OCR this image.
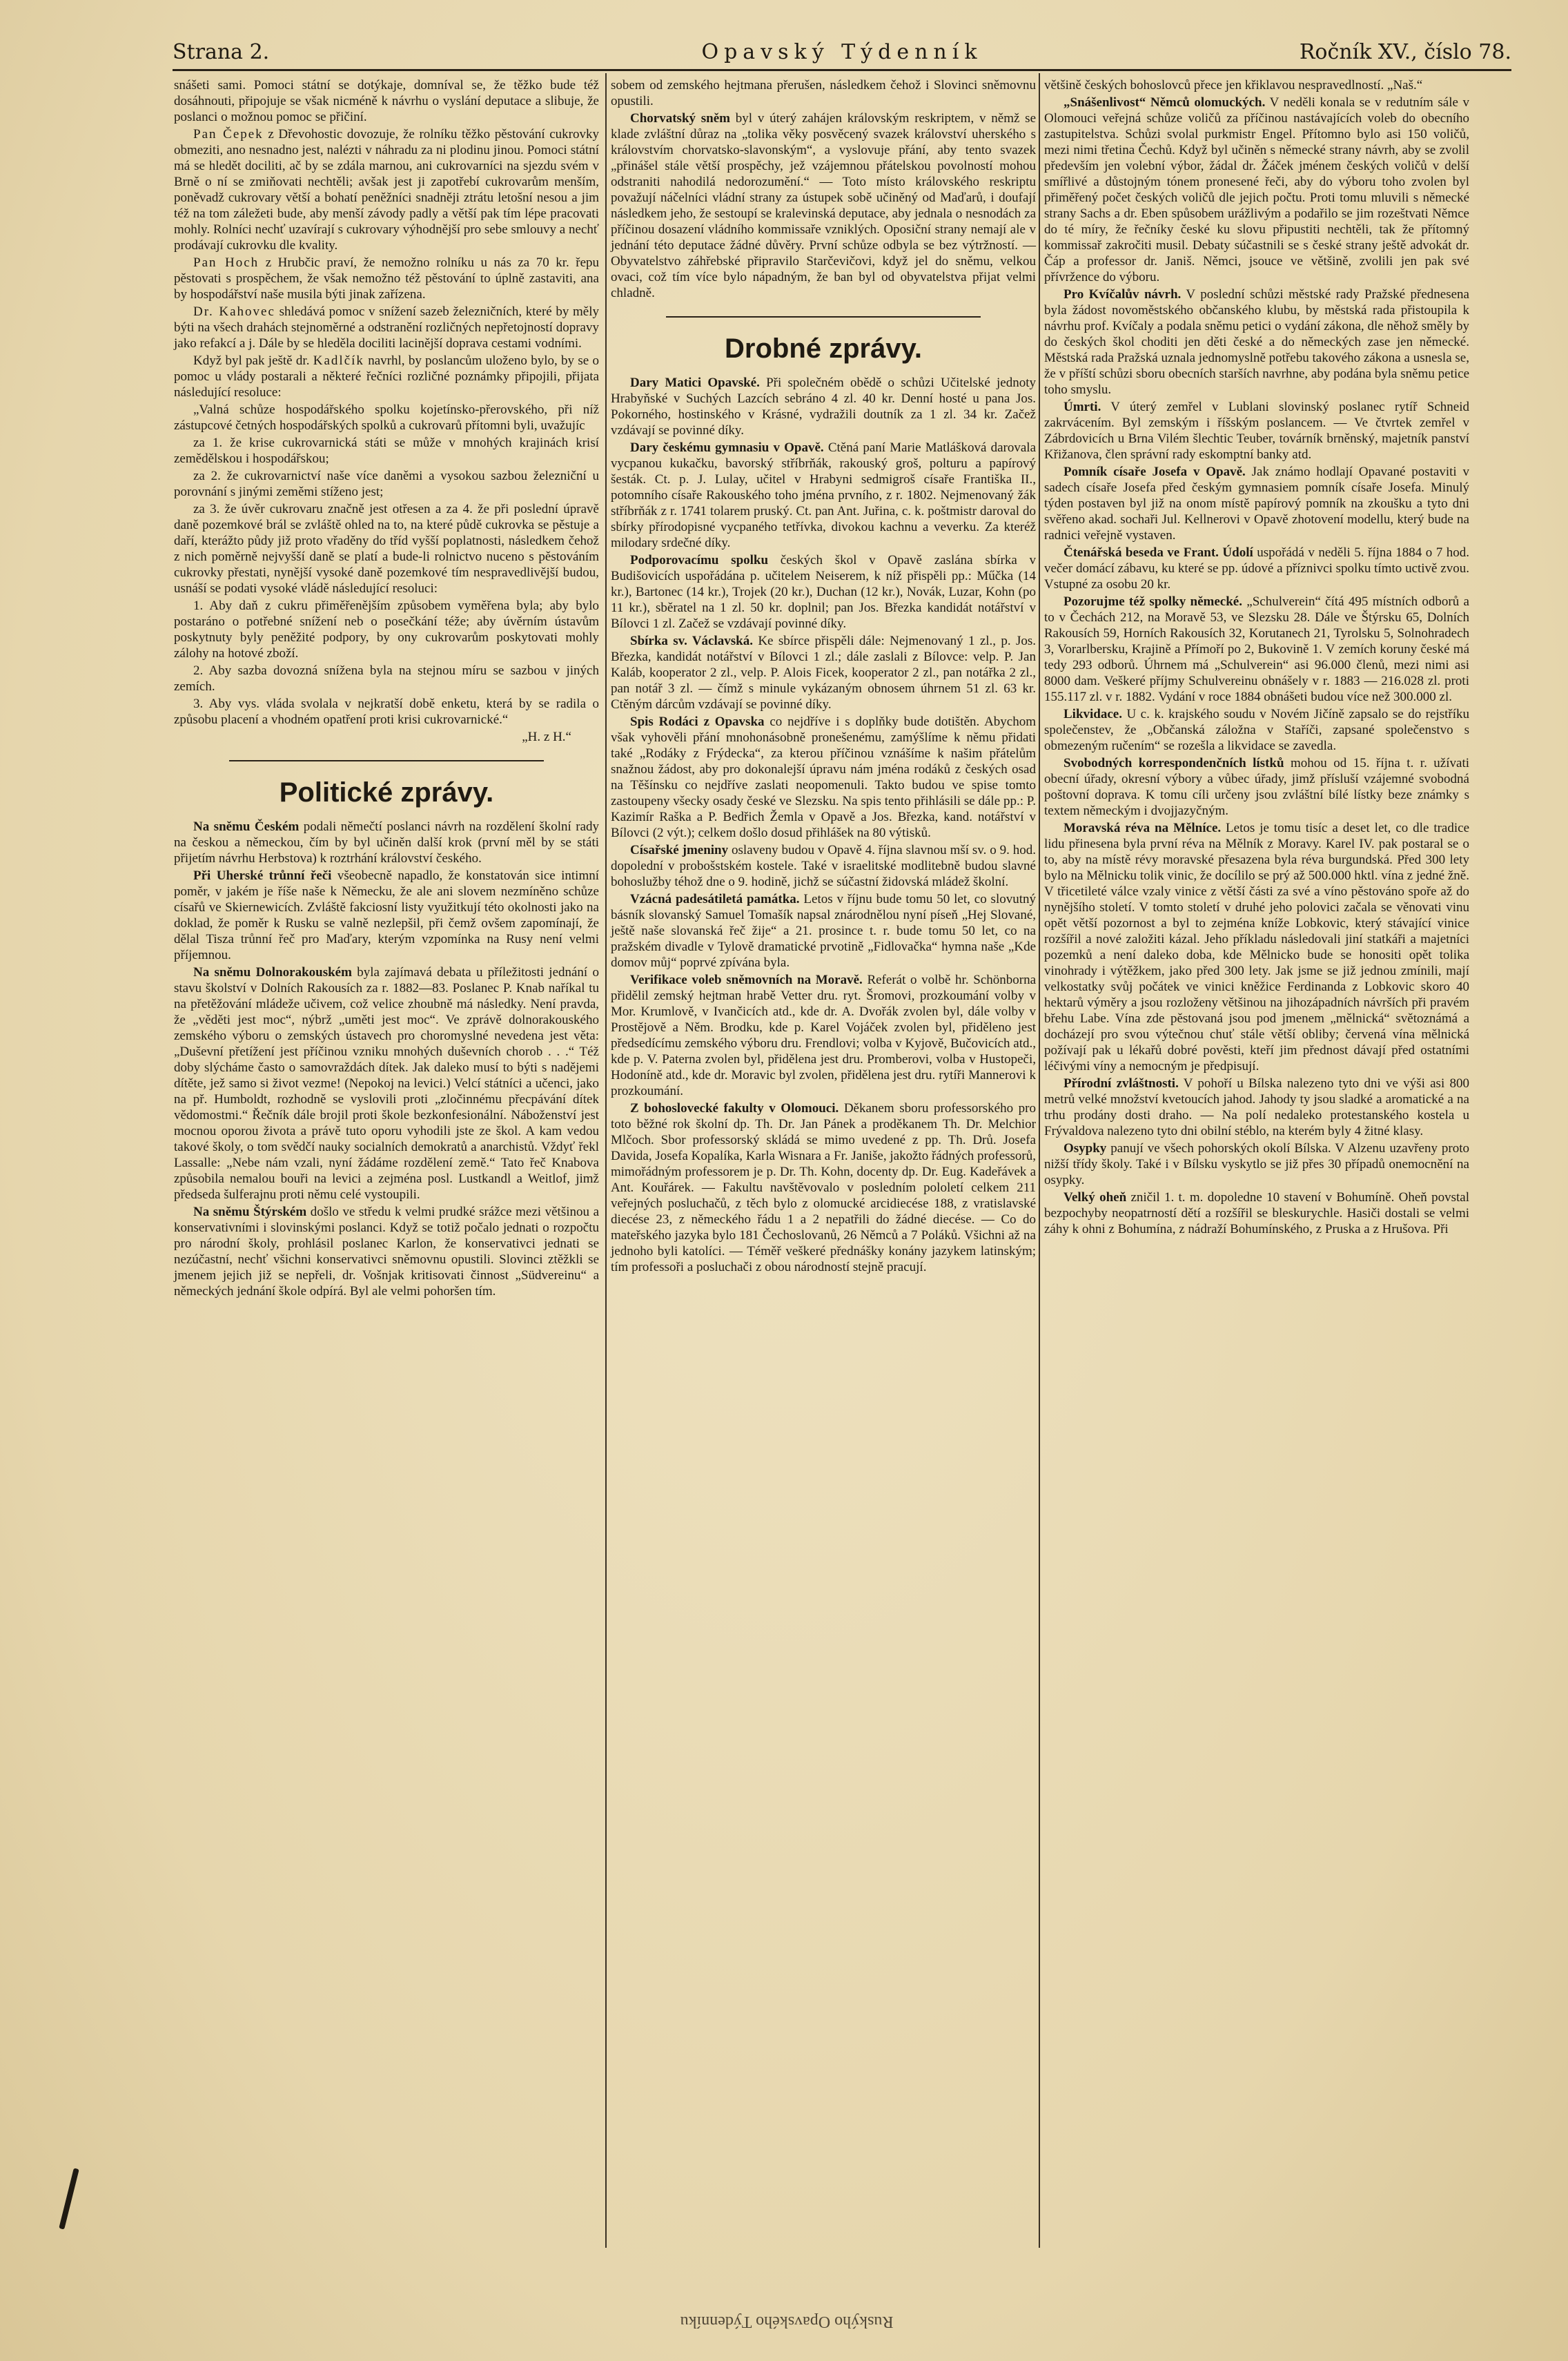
Strana 2.	Opavský Týdenník	Ročník XV., číslo 78.

snášeti sami. Pomoci státní se dotýkaje, domníval se, že těžko bude též dosáhnouti, připojuje se však nicméně k návrhu o vyslání deputace a slibuje, že poslanci o možnou pomoc se přičiní.

Pan Čepek z Dřevohostic dovozuje, že rolníku těžko pěstování cukrovky obmeziti, ano nesnadno jest, nalézti v náhradu za ni plodinu jinou. Pomoci státní má se hledět dociliti, ač by se zdála marnou, ani cukrovarníci na sjezdu svém v Brně o ní se zmiňovati nechtěli; avšak jest ji zapotřebí cukrovarům menším, poněvadž cukrovary větší a bohatí peněžníci snadněji ztrátu letošní nesou a jim též na tom záležeti bude, aby menší závody padly a větší pak tím lépe pracovati mohly. Rolníci nechť uzavírají s cukrovary výhodnější pro sebe smlouvy a nechť prodávají cukrovku dle kvality.

Pan Hoch z Hrubčic praví, že nemožno rolníku u nás za 70 kr. řepu pěstovati s prospěchem, že však nemožno též pěstování to úplně zastaviti, ana by hospodářství naše musila býti jinak zařízena.

Dr. Kahovec shledává pomoc v snížení sazeb železničních, které by měly býti na všech drahách stejnoměrné a odstranění rozličných nepřetojností dopravy jako refakcí a j. Dále by se hleděla dociliti lacinější doprava cestami vodními.

Když byl pak ještě dr. Kadlčík navrhl, by poslancům uloženo bylo, by se o pomoc u vlády postarali a některé řečníci rozličné poznámky připojili, přijata následující resoluce:

„Valná schůze hospodářského spolku kojetínsko-přerovského, při níž zástupcové četných hospodářských spolků a cukrovarů přítomni byli, uvažujíc

za 1. že krise cukrovarnická státi se může v mnohých krajinách krisí zemědělskou i hospodářskou;

za 2. že cukrovarnictví naše více daněmi a vysokou sazbou železniční u porovnání s jinými zeměmi stíženo jest;

za 3. že úvěr cukrovaru značně jest otřesen a za 4. že při poslední úpravě daně pozemkové brál se zvláště ohled na to, na které půdě cukrovka se pěstuje a daří, kterážto půdy již proto vřaděny do tříd vyšší poplatnosti, následkem čehož z nich poměrně nejvyšší daně se platí a bude-li rolnictvo nuceno s pěstováním cukrovky přestati, nynější vysoké daně pozemkové tím nespravedlivější budou, usnáší se podati vysoké vládě následující resoluci:

1. Aby daň z cukru přiměřenějším způsobem vyměřena byla; aby bylo postaráno o potřebné snížení neb o posečkání téže; aby úvěrním ústavům poskytnuty byly peněžité podpory, by ony cukrovarům poskytovati mohly zálohy na hotové zboží.

2. Aby sazba dovozná snížena byla na stejnou míru se sazbou v jiných zemích.

3. Aby vys. vláda svolala v nejkratší době enketu, která by se radila o způsobu placení a vhodném opatření proti krisi cukrovarnické.“

„H. z H.“

Politické zprávy.

Na sněmu Českém podali němečtí poslanci návrh na rozdělení školní rady na českou a německou, čím by byl učiněn další krok (první měl by se státi přijetím návrhu Herbstova) k roztrhání království českého.

Při Uherské trůnní řeči všeobecně napadlo, že konstatován sice intimní poměr, v jakém je říše naše k Německu, že ale ani slovem nezmíněno schůze císařů ve Skiernewicích. Zvláště fakciosní listy využitkují této okolnosti jako na doklad, že poměr k Rusku se valně nezlepšil, při čemž ovšem zapomínají, že dělal Tisza trůnní řeč pro Maďary, kterým vzpomínka na Rusy není velmi příjemnou.

Na sněmu Dolnorakouském byla zajímavá debata u příležitosti jednání o stavu školství v Dolních Rakousích za r. 1882—83. Poslanec P. Knab naříkal tu na přetěžování mládeže učivem, což velice zhoubně má následky. Není pravda, že „věděti jest moc“, nýbrž „uměti jest moc“. Ve zprávě dolnorakouského zemského výboru o zemských ústavech pro choromyslné nevedena jest věta: „Duševní přetížení jest příčinou vzniku mnohých duševních chorob . . .“ Též doby slýcháme často o samovraždách dítek. Jak daleko musí to býti s nadějemi dítěte, jež samo si život vezme! (Nepokoj na levici.) Velcí státníci a učenci, jako na př. Humboldt, rozhodně se vyslovili proti „zločinnému přecpávání dítek vědomostmi.“ Řečník dále brojil proti škole bezkonfesionální. Náboženství jest mocnou oporou života a právě tuto oporu vyhodili jste ze škol. A kam vedou takové školy, o tom svědčí nauky socialních demokratů a anarchistů. Vždyť řekl Lassalle: „Nebe nám vzali, nyní žádáme rozdělení země.“ Tato řeč Knabova způsobila nemalou bouři na levici a zejména posl. Lustkandl a Weitlof, jimž předseda šulferajnu proti němu celé vystoupili.

Na sněmu Štýrském došlo ve středu k velmi prudké srážce mezi většinou a konservativními i slovinskými poslanci. Když se totiž počalo jednati o rozpočtu pro národní školy, prohlásil poslanec Karlon, že konservativci jednati se nezúčastní, nechť všichni konservativci sněmovnu opustili. Slovinci ztěžkli se jmenem jejich již se nepřeli, dr. Vošnjak kritisovati činnost „Südvereinu“ a německých jednání škole odpírá. Byl ale velmi pohoršen tím.

sobem od zemského hejtmana přerušen, následkem čehož i Slovinci sněmovnu opustili.

Chorvatský sněm byl v úterý zahájen královským reskriptem, v němž se klade zvláštní důraz na „tolika věky posvěcený svazek království uherského s královstvím chorvatsko-slavonským“, a vyslovuje přání, aby tento svazek „přinášel stále větší prospěchy, jež vzájemnou přátelskou povolností mohou odstraniti nahodilá nedorozumění.“ — Toto místo královského reskriptu považují náčelníci vládní strany za ústupek sobě učiněný od Maďarů, i doufají následkem jeho, že sestoupí se kralevinská deputace, aby jednala o nesnodách za příčinou dosazení vládního kommissaře vzniklých. Oposiční strany nemají ale v jednání této deputace žádné důvěry. První schůze odbyla se bez výtržností. — Obyvatelstvo záhřebské připravilo Starčevičovi, když jel do sněmu, velkou ovaci, což tím více bylo nápadným, že ban byl od obyvatelstva přijat velmi chladně.

Drobné zprávy.

Dary Matici Opavské. Při společném obědě o schůzi Učitelské jednoty Hrabyňské v Suchých Lazcích sebráno 4 zl. 40 kr. Denní hosté u pana Jos. Pokorného, hostinského v Krásné, vydražili doutník za 1 zl. 34 kr. Začež vzdávají se povinné díky.

Dary českému gymnasiu v Opavě. Ctěná paní Marie Matlášková darovala vycpanou kukačku, bavorský stříbrňák, rakouský groš, polturu a papírový šesták. Ct. p. J. Lulay, učitel v Hrabyni sedmigroš císaře Františka II., potomního císaře Rakouského toho jména prvního, z r. 1802. Nejmenovaný žák stříbrňák z r. 1741 tolarem pruský. Ct. pan Ant. Juřina, c. k. poštmistr daroval do sbírky přírodopisné vycpaného tetřívka, divokou kachnu a veverku. Za kteréž milodary srdečné díky.

Podporovacímu spolku českých škol v Opavě zaslána sbírka v Budišovicích uspořádána p. učitelem Neiserem, k níž přispěli pp.: Műčka (14 kr.), Bartonec (14 kr.), Trojek (20 kr.), Duchan (12 kr.), Novák, Luzar, Kohn (po 11 kr.), sběratel na 1 zl. 50 kr. doplnil; pan Jos. Březka kandidát notářství v Bílovci 1 zl. Začež se vzdávají povinné díky.

Sbírka sv. Václavská. Ke sbírce přispěli dále: Nejmenovaný 1 zl., p. Jos. Březka, kandidát notářství v Bílovci 1 zl.; dále zaslali z Bílovce: velp. P. Jan Kaláb, kooperator 2 zl., velp. P. Alois Ficek, kooperator 2 zl., pan notářka 2 zl., pan notář 3 zl. — čímž s minule vykázaným obnosem úhrnem 51 zl. 63 kr. Ctěným dárcům vzdávají se povinné díky.

Spis Rodáci z Opavska co nejdříve i s doplňky bude dotištěn. Abychom však vyhověli přání mnohonásobně pronešenému, zamýšlíme k němu přidati také „Rodáky z Frýdecka“, za kterou příčinou vznášíme k našim přátelům snažnou žádost, aby pro dokonalejší úpravu nám jména rodáků z českých osad na Těšínsku co nejdříve zaslati neopomenuli. Takto budou ve spise tomto zastoupeny všecky osady české ve Slezsku. Na spis tento přihlásili se dále pp.: P. Kazimír Raška a P. Bedřich Žemla v Opavě a Jos. Březka, kand. notářství v Bílovci (2 výt.); celkem došlo dosud přihlášek na 80 výtisků.

Císařské jmeniny oslaveny budou v Opavě 4. října slavnou mší sv. o 9. hod. dopolední v probošstském kostele. Také v israelitské modlitebně budou slavné bohoslužby téhož dne o 9. hodině, jichž se súčastní židovská mládež školní.

Vzácná padesátiletá památka. Letos v říjnu bude tomu 50 let, co slovutný básník slovanský Samuel Tomašík napsal znárodnělou nyní píseň „Hej Slované, ještě naše slovanská řeč žije“ a 21. prosince t. r. bude tomu 50 let, co na pražském divadle v Tylově dramatické prvotině „Fidlovačka“ hymna naše „Kde domov můj“ poprvé zpívána byla.

Verifikace voleb sněmovních na Moravě. Referát o volbě hr. Schönborna přidělil zemský hejtman hrabě Vetter dru. ryt. Šromovi, prozkoumání volby v Mor. Krumlově, v Ivančicích atd., kde dr. A. Dvořák zvolen byl, dále volby v Prostějově a Něm. Brodku, kde p. Karel Vojáček zvolen byl, přiděleno jest předsedícímu zemského výboru dru. Frendlovi; volba v Kyjově, Bučovicích atd., kde p. V. Paterna zvolen byl, přidělena jest dru. Promberovi, volba v Hustopeči, Hodoníně atd., kde dr. Moravic byl zvolen, přidělena jest dru. rytíři Mannerovi k prozkoumání.

Z bohoslovecké fakulty v Olomouci. Děkanem sboru professorského pro toto běžné rok školní dp. Th. Dr. Jan Pánek a proděkanem Th. Dr. Melchior Mlčoch. Sbor professorský skládá se mimo uvedené z pp. Th. Drů. Josefa Davida, Josefa Kopalíka, Karla Wisnara a Fr. Janiše, jakožto řádných professorů, mimořádným professorem je p. Dr. Th. Kohn, docenty dp. Dr. Eug. Kadeřávek a Ant. Kouřárek. — Fakultu navštěvovalo v posledním pololetí celkem 211 veřejných posluchačů, z těch bylo z olomucké arcidiecése 188, z vratislavské diecése 23, z německého řádu 1 a 2 nepatřili do žádné diecése. — Co do mateřského jazyka bylo 181 Čechoslovanů, 26 Němců a 7 Poláků. Všichni až na jednoho byli katolíci. — Téměř veškeré přednášky konány jazykem latinským; tím professoři a posluchači z obou národností stejně pracují.

většině českých bohoslovců přece jen křiklavou nespravedlností. „Naš.“

„Snášenlivost“ Němců olomuckých. V neděli konala se v redutním sále v Olomouci veřejná schůze voličů za příčinou nastávajících voleb do obecního zastupitelstva. Schůzi svolal purkmistr Engel. Přítomno bylo asi 150 voličů, mezi nimi třetina Čechů. Když byl učiněn s německé strany návrh, aby se zvolil především jen volební výbor, žádal dr. Žáček jménem českých voličů v delší smířlivé a důstojným tónem pronesené řeči, aby do výboru toho zvolen byl přiměřený počet českých voličů dle jejich počtu. Proti tomu mluvili s německé strany Sachs a dr. Eben spůsobem urážlivým a podařilo se jim rozeštvati Němce do té míry, že řečníky české ku slovu připustiti nechtěli, tak že přítomný kommissař zakročiti musil. Debaty súčastnili se s české strany ještě advokát dr. Čáp a professor dr. Janiš. Němci, jsouce ve většině, zvolili jen pak své přívržence do výboru.

Pro Kvíčalův návrh. V poslední schůzi městské rady Pražské přednesena byla žádost novoměstského občanského klubu, by městská rada přistoupila k návrhu prof. Kvíčaly a podala sněmu petici o vydání zákona, dle něhož směly by do českých škol choditi jen děti české a do německých zase jen německé. Městská rada Pražská uznala jednomyslně potřebu takového zákona a usnesla se, že v příští schůzi sboru obecních starších navrhne, aby podána byla sněmu petice toho smyslu.

Úmrti. V úterý zemřel v Lublani slovinský poslanec rytíř Schneid zakrvácením. Byl zemským i říšským poslancem. — Ve čtvrtek zemřel v Zábrdovicích u Brna Vilém šlechtic Teuber, továrník brněnský, majetník panství Křižanova, člen správní rady eskomptní banky atd.

Pomník císaře Josefa v Opavě. Jak známo hodlají Opavané postaviti v sadech císaře Josefa před českým gymnasiem pomník císaře Josefa. Minulý týden postaven byl již na onom místě papírový pomník na zkoušku a tyto dni svěřeno akad. sochaři Jul. Kellnerovi v Opavě zhotovení modellu, který bude na radnici veřejně vystaven.

Čtenářská beseda ve Frant. Údolí uspořádá v neděli 5. října 1884 o 7 hod. večer domácí zábavu, ku které se pp. údové a příznivci spolku tímto uctivě zvou. Vstupné za osobu 20 kr.

Pozorujme též spolky německé. „Schulverein“ čítá 495 místních odborů a to v Čechách 212, na Moravě 53, ve Slezsku 28. Dále ve Štýrsku 65, Dolních Rakousích 59, Horních Rakousích 32, Korutanech 21, Tyrolsku 5, Solnohradech 3, Vorarlbersku, Krajině a Přímoří po 2, Bukovině 1. V zemích koruny české má tedy 293 odborů. Úhrnem má „Schulverein“ asi 96.000 členů, mezi nimi asi 8000 dam. Veškeré příjmy Schulvereinu obnášely v r. 1883 — 216.028 zl. proti 155.117 zl. v r. 1882. Vydání v roce 1884 obnášeti budou více než 300.000 zl.

Likvidace. U c. k. krajského soudu v Novém Jičíně zapsalo se do rejstříku společenstev, že „Občanská záložna v Staříči, zapsané společenstvo s obmezeným ručením“ se rozešla a likvidace se zavedla.

Svobodných korrespondenčních lístků mohou od 15. října t. r. užívati obecní úřady, okresní výbory a vůbec úřady, jimž přísluší vzájemné svobodná poštovní doprava. K tomu cíli určeny jsou zvláštní bílé lístky beze známky s textem německým i dvojjazyčným.

Moravská réva na Mělníce. Letos je tomu tisíc a deset let, co dle tradice lidu přinesena byla první réva na Mělník z Moravy. Karel IV. pak postaral se o to, aby na místě révy moravské přesazena byla réva burgundská. Před 300 lety bylo na Mělnicku tolik vinic, že docílilo se prý až 500.000 hktl. vína z jedné žně. V třicetileté válce vzaly vinice z větší části za své a víno pěstováno spoře až do nynějšího století. V tomto století v druhé jeho polovici začala se věnovati vinu opět větší pozornost a byl to zejména kníže Lobkovic, který stávající vinice rozšířil a nové založiti kázal. Jeho příkladu následovali jiní statkáři a majetníci pozemků a není daleko doba, kde Mělnicko bude se honositi opět tolika vinohrady i výtěžkem, jako před 300 lety. Jak jsme se již jednou zmínili, mají velkostatky svůj počátek ve vinici kněžice Ferdinanda z Lobkovic skoro 40 hektarů výměry a jsou rozloženy většinou na jihozápadních návrších při pravém břehu Labe. Vína zde pěstovaná jsou pod jmenem „mělnická“ světoznámá a docházejí pro svou výtečnou chuť stále větší obliby; červená vína mělnická požívají pak u lékařů dobré pověsti, kteří jim přednost dávají před ostatními léčivými víny a nemocným je předpisují.

Přírodní zvláštnosti. V pohoří u Bílska nalezeno tyto dni ve výši asi 800 metrů velké množství kvetoucích jahod. Jahody ty jsou sladké a aromatické a na trhu prodány dosti draho. — Na polí nedaleko protestanského kostela u Frývaldova nalezeno tyto dni obilní stéblo, na kterém byly 4 žitné klasy.

Osypky panují ve všech pohorských okolí Bílska. V Alzenu uzavřeny proto nižší třídy školy. Také i v Bílsku vyskytlo se již přes 30 případů onemocnění na osypky.

Velký oheň zničil 1. t. m. dopoledne 10 stavení v Bohumíně. Oheň povstal bezpochyby neopatrností dětí a rozšířil se bleskurychle. Hasiči dostali se velmi záhy k ohni z Bohumína, z nádraží Bohumínského, z Pruska a z Hrušova. Při

Ruskýho Opavského Týdenníku
